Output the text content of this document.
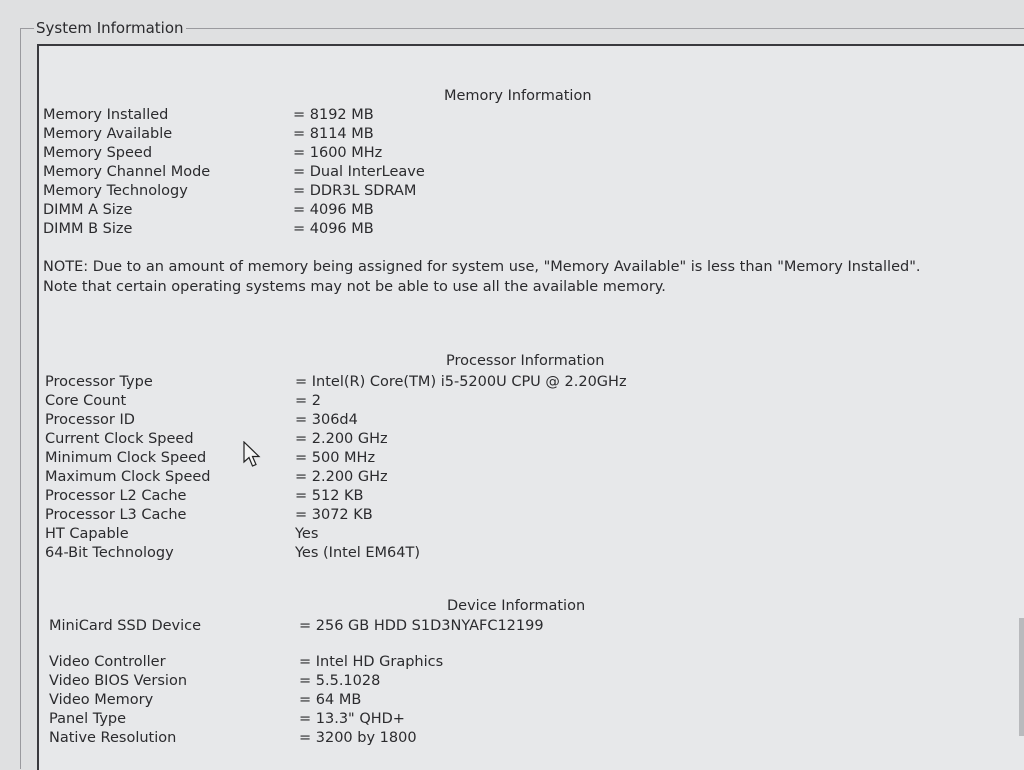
System Information
Memory Information
Memory Installed	= 8192 MB
Memory Available	= 8114 MB
Memory Speed	= 1600 MHz
Memory Channel Mode	= Dual InterLeave
Memory Technology	= DDR3L SDRAM
DIMM A Size	= 4096 MB
DIMM B Size	= 4096 MB
NOTE: Due to an amount of memory being assigned for system use, "Memory Available" is less than "Memory Installed". Note that certain operating systems may not be able to use all the available memory.
Processor Information
Processor Type	= Intel(R) Core(TM) i5-5200U CPU @ 2.20GHz
Core Count	= 2
Processor ID	= 306d4
Current Clock Speed	= 2.200 GHz
Minimum Clock Speed	= 500 MHz
Maximum Clock Speed	= 2.200 GHz
Processor L2 Cache	= 512 KB
Processor L3 Cache	= 3072 KB
HT Capable	Yes
64-Bit Technology	Yes (Intel EM64T)
Device Information
MiniCard SSD Device	= 256 GB HDD S1D3NYAFC12199
Video Controller	= Intel HD Graphics
Video BIOS Version	= 5.5.1028
Video Memory	= 64 MB
Panel Type	= 13.3" QHD+
Native Resolution	= 3200 by 1800
